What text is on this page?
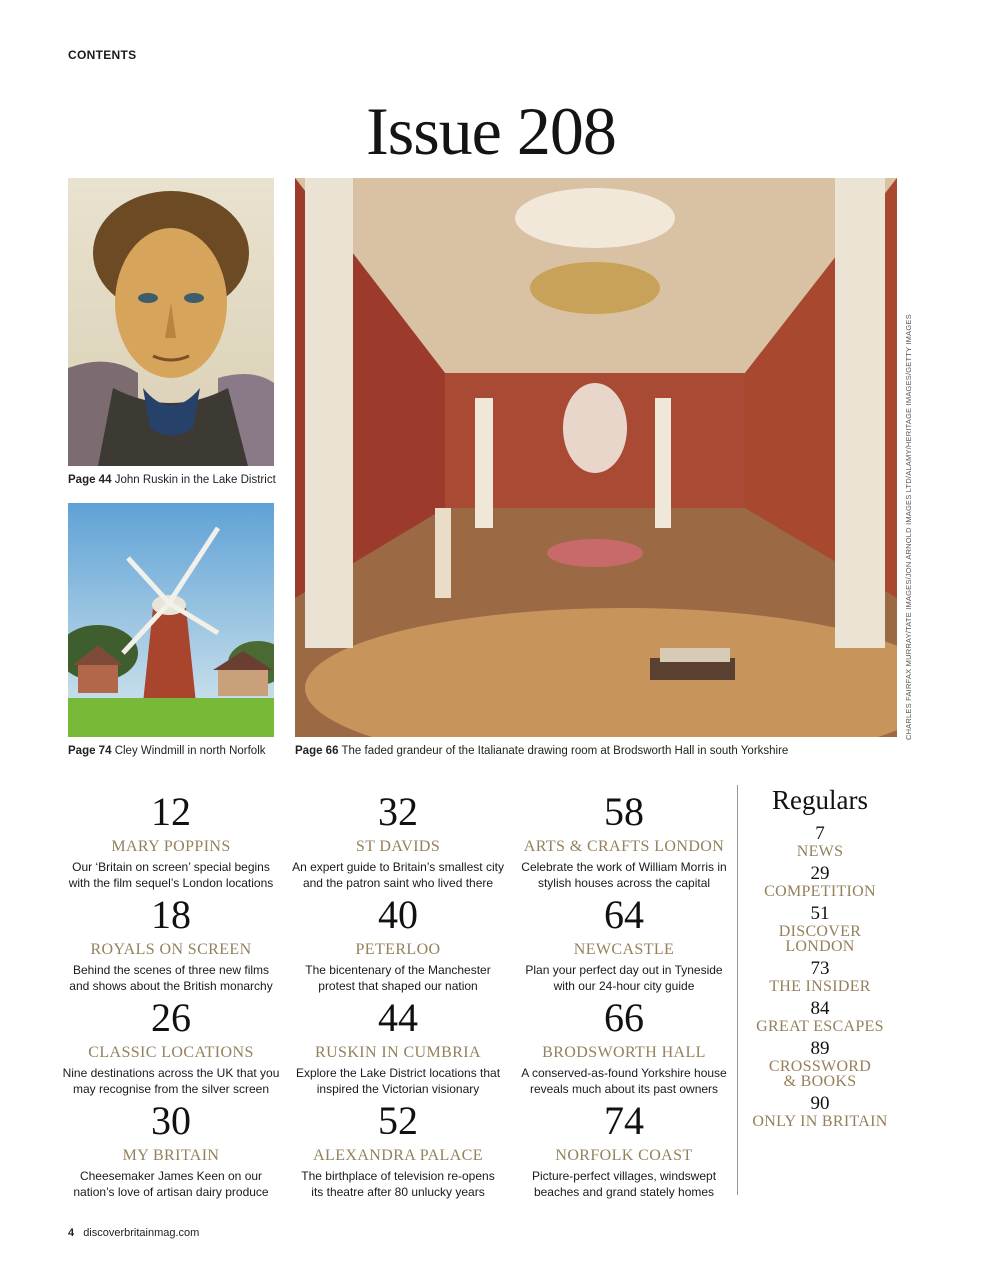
CONTENTS
Issue 208
Page 44 John Ruskin in the Lake District
Page 74 Cley Windmill in north Norfolk	Page 66 The faded grandeur of the Italianate drawing room at Brodsworth Hall in south Yorkshire
CHARLES FAIRFAX MURRAY/TATE IMAGES/JON ARNOLD IMAGES LTD/ALAMY/HERITAGE IMAGES/GETTY IMAGES
12
MARY POPPINS
Our ‘Britain on screen’ special begins
with the film sequel’s London locations
18
ROYALS ON SCREEN
Behind the scenes of three new films
and shows about the British monarchy
26
CLASSIC LOCATIONS
Nine destinations across the UK that you
may recognise from the silver screen
30
MY BRITAIN
Cheesemaker James Keen on our
nation’s love of artisan dairy produce
32
ST DAVIDS
An expert guide to Britain’s smallest city
and the patron saint who lived there
40
PETERLOO
The bicentenary of the Manchester
protest that shaped our nation
44
RUSKIN IN CUMBRIA
Explore the Lake District locations that
inspired the Victorian visionary
52
ALEXANDRA PALACE
The birthplace of television re-opens
its theatre after 80 unlucky years
58
ARTS & CRAFTS LONDON
Celebrate the work of William Morris in
stylish houses across the capital
64
NEWCASTLE
Plan your perfect day out in Tyneside
with our 24-hour city guide
66
BRODSWORTH HALL
A conserved-as-found Yorkshire house
reveals much about its past owners
74
NORFOLK COAST
Picture-perfect villages, windswept
beaches and grand stately homes
Regulars
7
NEWS
29
COMPETITION
51
DISCOVER
LONDON
73
THE INSIDER
84
GREAT ESCAPES
89
CROSSWORD
& BOOKS
90
ONLY IN BRITAIN
4 discoverbritainmag.com
